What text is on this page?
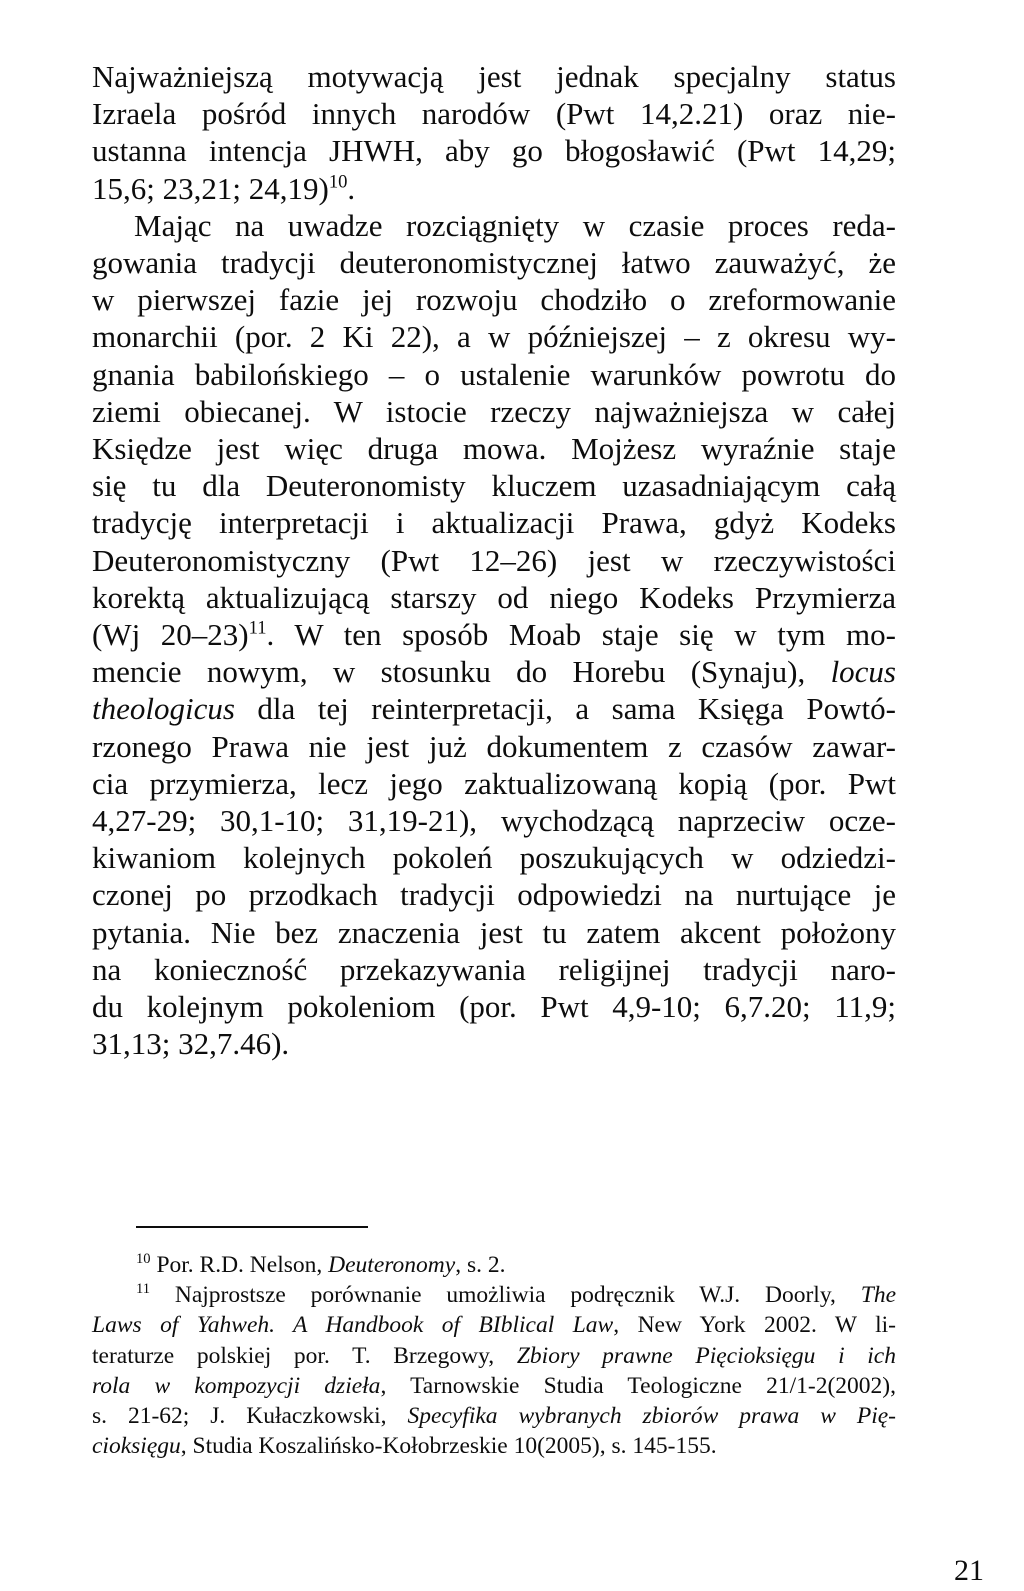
Najważniejszą motywacją jest jednak specjalny status
Izraela pośród innych narodów (Pwt 14,2.21) oraz nie-
ustanna intencja JHWH, aby go błogosławić (Pwt 14,29;
15,6; 23,21; 24,19)$^{10}$.

Mając na uwadze rozciągnięty w czasie proces reda-
gowania tradycji deuteronomistycznej łatwo zauważyć, że
w pierwszej fazie jej rozwoju chodziło o zreformowanie
monarchii (por. 2 Ki 22), a w późniejszej – z okresu wy-
gnania babilońskiego – o ustalenie warunków powrotu do
ziemi obiecanej. W istocie rzeczy najważniejsza w całej
Księdze jest więc druga mowa. Mojżesz wyraźnie staje
się tu dla Deuteronomisty kluczem uzasadniającym całą
tradycję interpretacji i aktualizacji Prawa, gdyż Kodeks
Deuteronomistyczny (Pwt 12–26) jest w rzeczywistości
korektą aktualizującą starszy od niego Kodeks Przymierza
(Wj 20–23)$^{11}$. W ten sposób Moab staje się w tym mo-
mencie nowym, w stosunku do Horebu (Synaju), locus
theologicus dla tej reinterpretacji, a sama Księga Powtó-
rzonego Prawa nie jest już dokumentem z czasów zawar-
cia przymierza, lecz jego zaktualizowaną kopią (por. Pwt
4,27-29; 30,1-10; 31,19-21), wychodzącą naprzeciw ocze-
kiwaniom kolejnych pokoleń poszukujących w odziedzi-
czonej po przodkach tradycji odpowiedzi na nurtujące je
pytania. Nie bez znaczenia jest tu zatem akcent położony
na konieczność przekazywania religijnej tradycji naro-
du kolejnym pokoleniom (por. Pwt 4,9-10; 6,7.20; 11,9;
31,13; 32,7.46).

$^{10}$ Por. R.D. Nelson, Deuteronomy, s. 2.
$^{11}$ Najprostsze porównanie umożliwia podręcznik W.J. Doorly, The
Laws of Yahweh. A Handbook of BIblical Law, New York 2002. W li-
teraturze polskiej por. T. Brzegowy, Zbiory prawne Pięcioksięgu i ich
rola w kompozycji dzieła, Tarnowskie Studia Teologiczne 21/1-2(2002),
s. 21-62; J. Kułaczkowski, Specyfika wybranych zbiorów prawa w Pię-
cioksięgu, Studia Koszalińsko-Kołobrzeskie 10(2005), s. 145-155.
21
